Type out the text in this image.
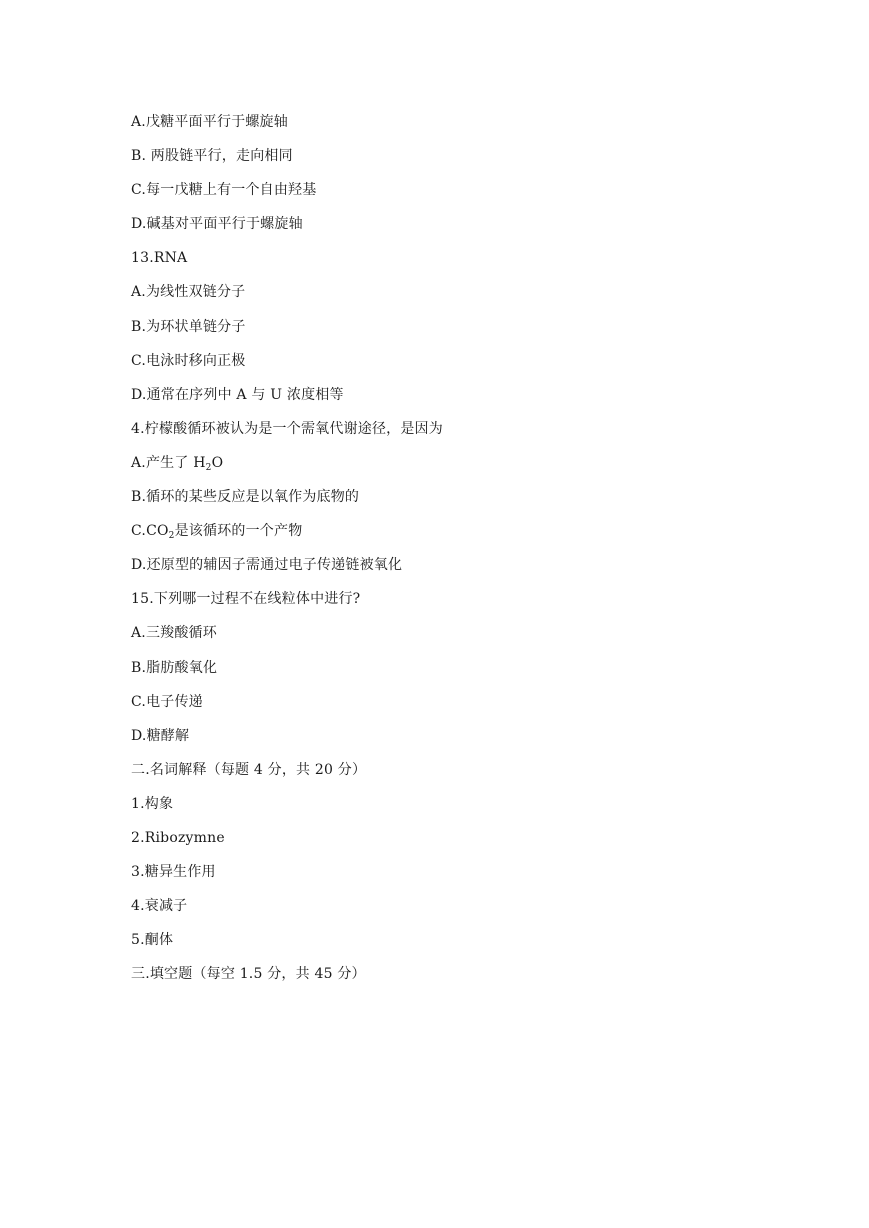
A.戊糖平面平行于螺旋轴
B. 两股链平行，走向相同
C.每一戊糖上有一个自由羟基
D.碱基对平面平行于螺旋轴
13.RNA
A.为线性双链分子
B.为环状单链分子
C.电泳时移向正极
D.通常在序列中 A 与 U 浓度相等
4.柠檬酸循环被认为是一个需氧代谢途径，是因为
A.产生了 $H_2O$
B.循环的某些反应是以氧作为底物的
$C.CO_2$是该循环的一个产物
D.还原型的辅因子需通过电子传递链被氧化
15.下列哪一过程不在线粒体中进行?
A.三羧酸循环
B.脂肪酸氧化
C.电子传递
D.糖酵解
二.名词解释（每题 4 分，共 20 分）
1.构象
2.Ribozymne
3.糖异生作用
4.衰减子
5.酮体
三.填空题（每空 1.5 分，共 45 分）
